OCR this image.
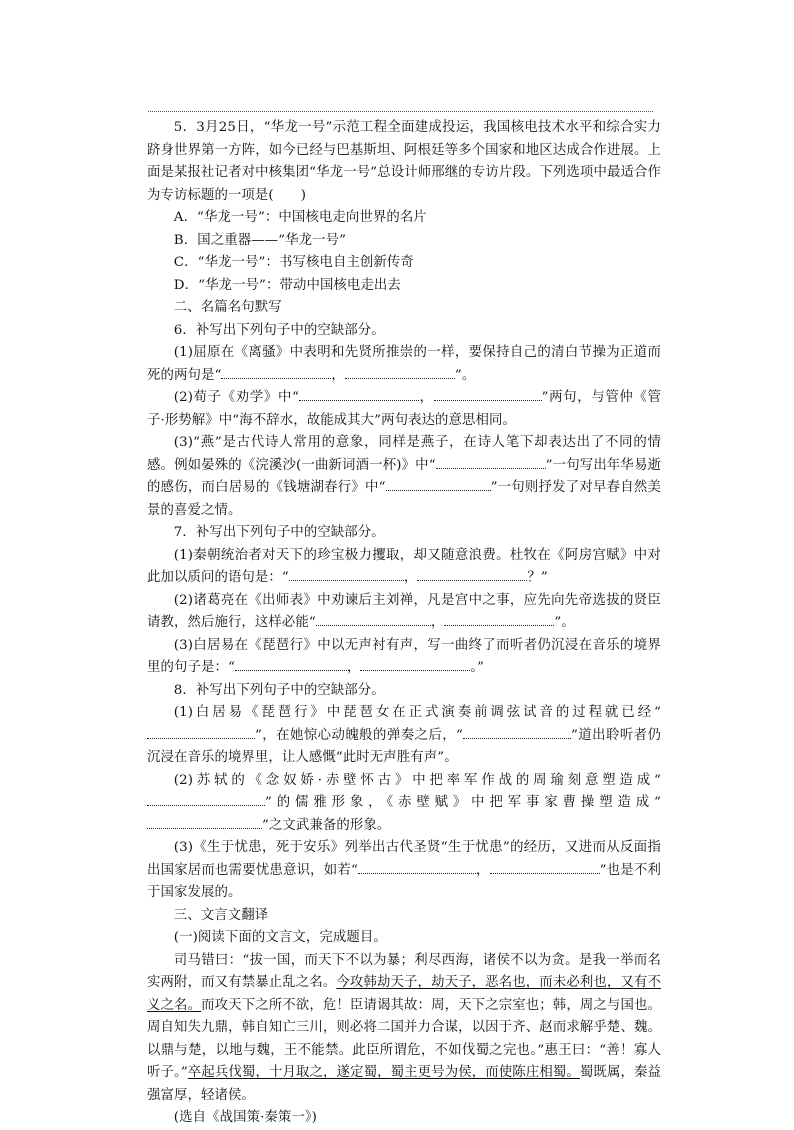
5．3月25日，“华龙一号”示范工程全面建成投运，我国核电技术水平和综合实力跻身世界第一方阵，如今已经与巴基斯坦、阿根廷等多个国家和地区达成合作进展。上面是某报社记者对中核集团“华龙一号”总设计师邢继的专访片段。下列选项中最适合作为专访标题的一项是(　　)

A．“华龙一号”：中国核电走向世界的名片

B．国之重器——“华龙一号”

C．“华龙一号”：书写核电自主创新传奇

D．“华龙一号”：带动中国核电走出去

二、名篇名句默写

6．补写出下列句子中的空缺部分。

(1)屈原在《离骚》中表明和先贤所推崇的一样，要保持自己的清白节操为正道而死的两句是“	，	”。

(2)荀子《劝学》中“	，	”两句，与管仲《管子·形势解》中“海不辞水，故能成其大”两句表达的意思相同。

(3)“燕”是古代诗人常用的意象，同样是燕子，在诗人笔下却表达出了不同的情感。例如晏殊的《浣溪沙(一曲新词酒一杯)》中“	”一句写出年华易逝的感伤，而白居易的《钱塘湖春行》中“	”一句则抒发了对早春自然美景的喜爱之情。

7．补写出下列句子中的空缺部分。

(1)秦朝统治者对天下的珍宝极力攫取，却又随意浪费。杜牧在《阿房宫赋》中对此加以质问的语句是：“	，	？”

(2)诸葛亮在《出师表》中劝谏后主刘禅，凡是宫中之事，应先向先帝选拔的贤臣请教，然后施行，这样必能“	，	”。

(3)白居易在《琵琶行》中以无声衬有声，写一曲终了而听者仍沉浸在音乐的境界里的句子是：“	，	。”

8．补写出下列句子中的空缺部分。

(1)白居易《琵琶行》中琵琶女在正式演奏前调弦试音的过程就已经“”，在她惊心动魄般的弹奏之后，“	”道出聆听者仍沉浸在音乐的境界里，让人感慨“此时无声胜有声”。

(2)苏轼的《念奴娇·赤壁怀古》中把率军作战的周瑜刻意塑造成“”的儒雅形象，《赤壁赋》中把军事家曹操塑造成“”之文武兼备的形象。

(3)《生于忧患，死于安乐》列举出古代圣贤“生于忧患”的经历，又进而从反面指出国家居而也需要忧患意识，如若“	，	”也是不利于国家发展的。

三、文言文翻译

(一)阅读下面的文言文，完成题目。

司马错曰：“拔一国，而天下不以为暴；利尽西海，诸侯不以为贪。是我一举而名实两附，而又有禁暴止乱之名。今攻韩劫天子，劫天子，恶名也，而未必利也，又有不义之名。而攻天下之所不欲，危！臣请谒其故：周，天下之宗室也；韩，周之与国也。周自知失九鼎，韩自知亡三川，则必将二国并力合谋，以因于齐、赵而求解乎楚、魏。以鼎与楚，以地与魏，王不能禁。此臣所谓危，不如伐蜀之完也。”惠王曰：“善！寡人听子。”卒起兵伐蜀，十月取之，遂定蜀，蜀主更号为侯，而使陈庄相蜀。蜀既属，秦益强富厚，轻诸侯。

(选自《战国策·秦策一》)
